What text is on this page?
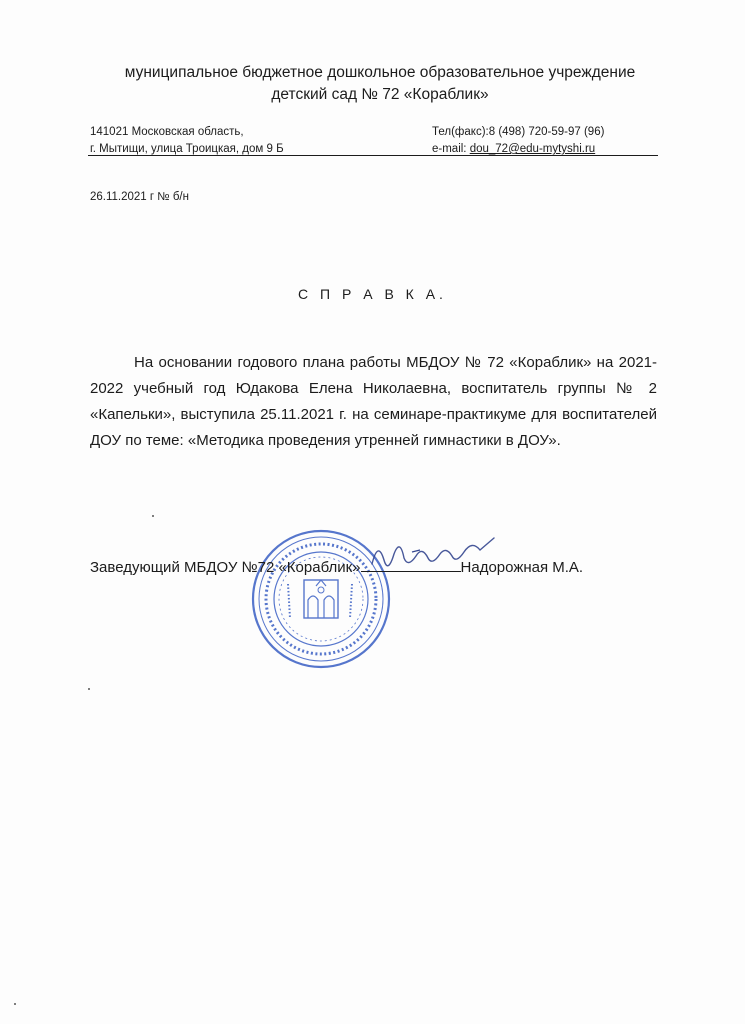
муниципальное бюджетное дошкольное образовательное учреждение
детский сад № 72 «Кораблик»
141021 Московская область,
г. Мытищи, улица Троицкая, дом 9 Б
Тел(факс):8 (498) 720-59-97 (96)
e-mail: dou_72@edu-mytyshi.ru
26.11.2021 г № б/н
С П Р А В К А.
На основании годового плана работы МБДОУ № 72 «Кораблик» на 2021-2022 учебный год Юдакова Елена Николаевна, воспитатель группы № 2 «Капельки», выступила 25.11.2021 г. на семинаре-практикуме для воспитателей ДОУ по теме: «Методика проведения утренней гимнастики в ДОУ».
Заведующий МБДОУ №72 «Кораблик»	Надорожная М.А.
